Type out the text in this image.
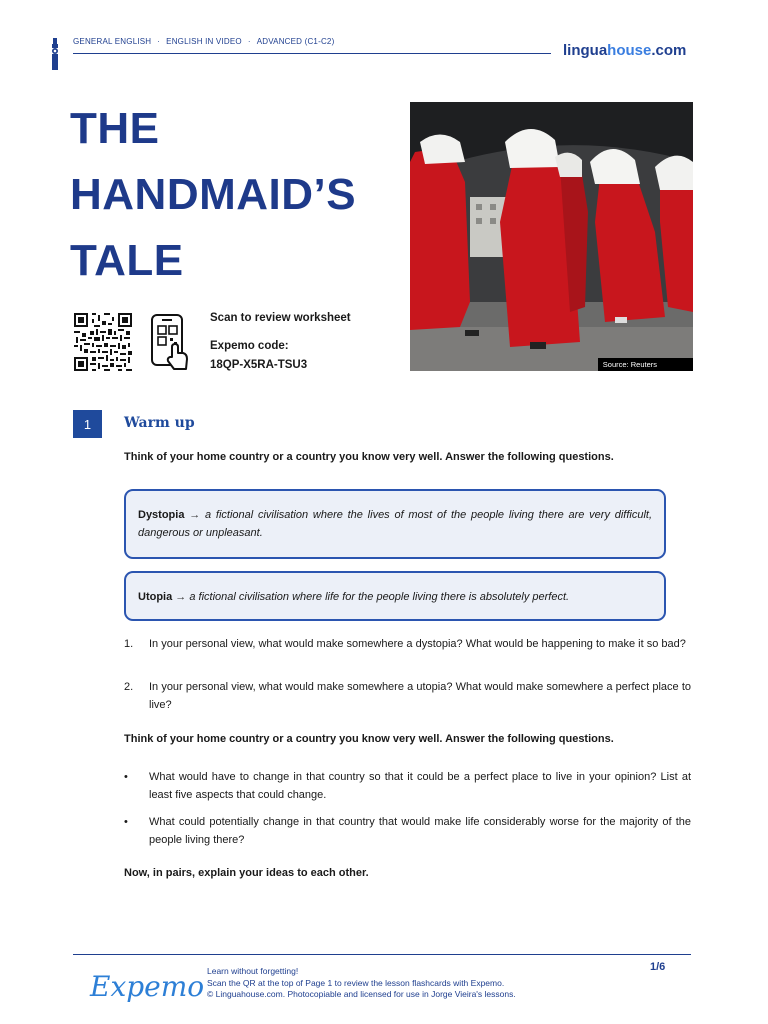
GENERAL ENGLISH · ENGLISH IN VIDEO · ADVANCED (C1-C2)
linguahouse.com
THE
HANDMAID’S
TALE
Scan to review worksheet
Expemo code:
18QP-X5RA-TSU3	Source: Reuters
1	Warm up
Think of your home country or a country you know very well. Answer the following questions.
Dystopia → a fictional civilisation where the lives of most of the people living there are very difficult, dangerous or unpleasant.
Utopia → a fictional civilisation where life for the people living there is absolutely perfect.
1. In your personal view, what would make somewhere a dystopia? What would be happening to make it so bad?
2. In your personal view, what would make somewhere a utopia? What would make somewhere a perfect place to live?
Think of your home country or a country you know very well. Answer the following questions.
• What would have to change in that country so that it could be a perfect place to live in your opinion? List at least five aspects that could change.
• What could potentially change in that country that would make life considerably worse for the majority of the people living there?
Now, in pairs, explain your ideas to each other.
Expemo Learn without forgetting!
Scan the QR at the top of Page 1 to review the lesson flashcards with Expemo.
© Linguahouse.com. Photocopiable and licensed for use in Jorge Vieira's lessons.
1/6
